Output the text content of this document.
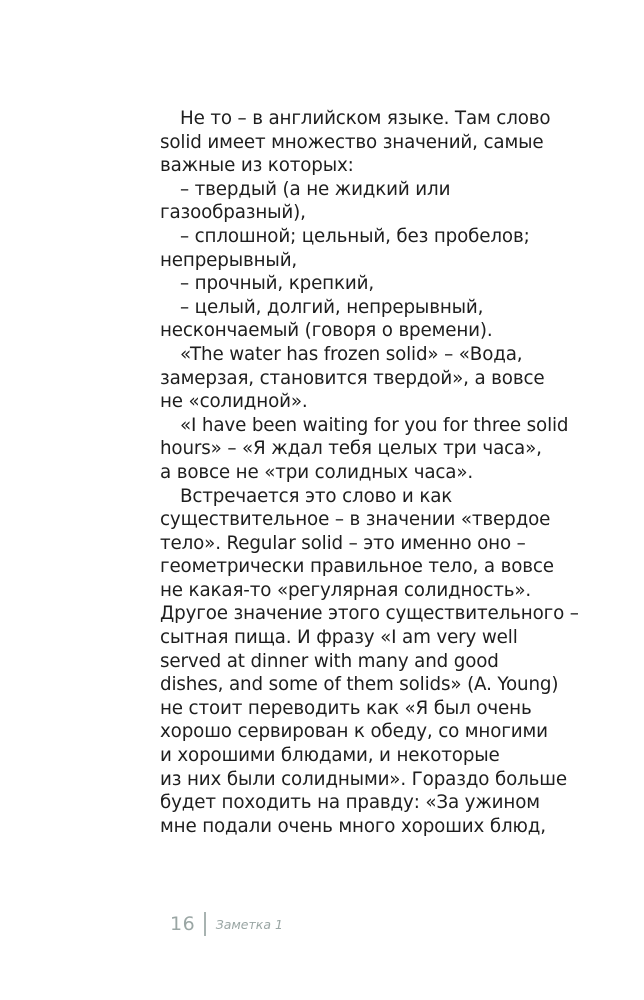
Не то – в английском языке. Там слово
solid имеет множество значений, самые
важные из которых:
– твердый (а не жидкий или
газообразный),
– сплошной; цельный, без пробелов;
непрерывный,
– прочный, крепкий,
– целый, долгий, непрерывный,
нескончаемый (говоря о времени).
«The water has frozen solid» – «Вода,
замерзая, становится твердой», а вовсе
не «солидной».
«I have been waiting for you for three solid
hours» – «Я ждал тебя целых три часа»,
а вовсе не «три солидных часа».
Встречается это слово и как
существительное – в значении «твердое
тело». Regular solid – это именно оно –
геометрически правильное тело, а вовсе
не какая-то «регулярная солидность».
Другое значение этого существительного –
сытная пища. И фразу «I am very well
served at dinner with many and good
dishes, and some of them solids» (A. Young)
не стоит переводить как «Я был очень
хорошо сервирован к обеду, со многими
и хорошими блюдами, и некоторые
из них были солидными». Гораздо больше
будет походить на правду: «За ужином
мне подали очень много хороших блюд,
16 Заметка 1
